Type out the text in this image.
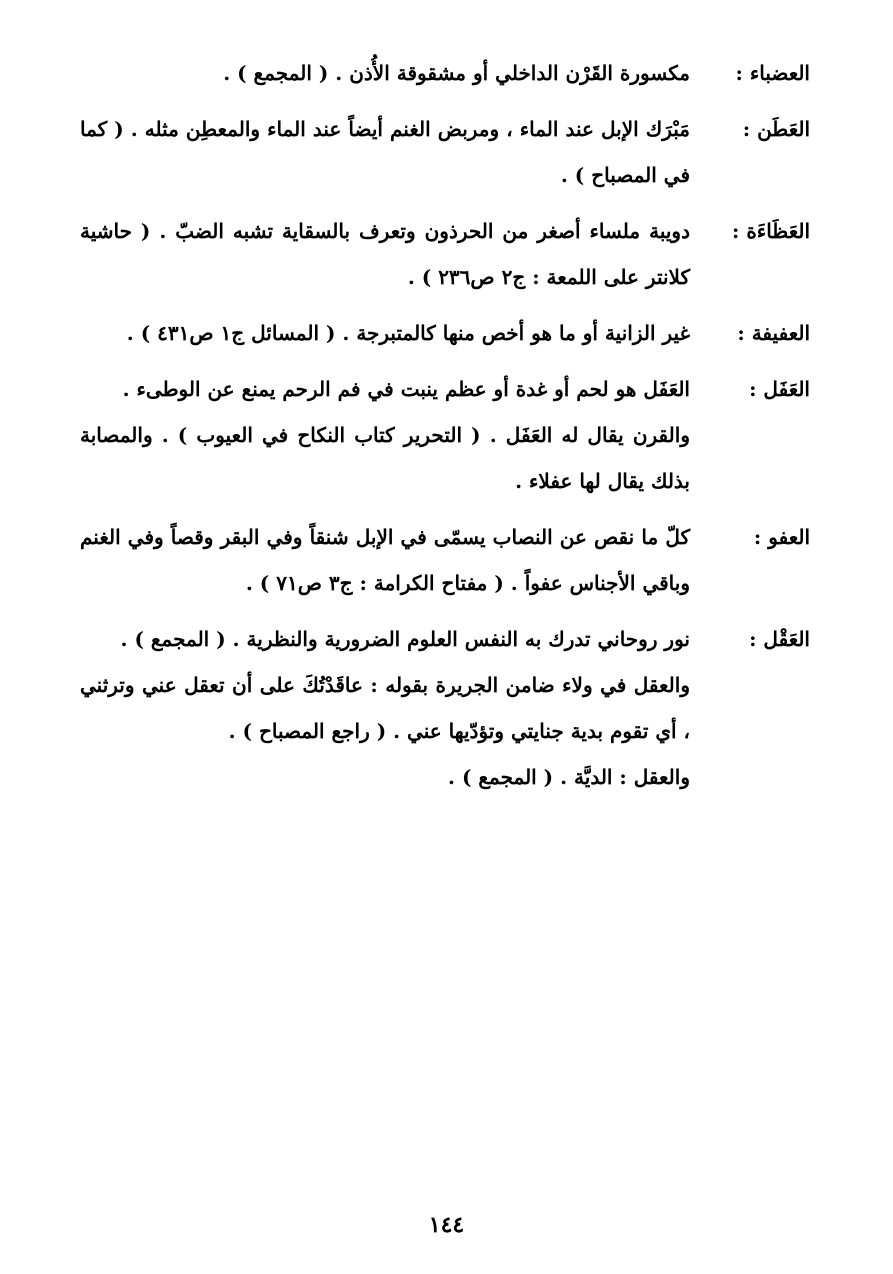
العضباء :

مكسورة القَرْن الداخلي أو مشقوقة الأُذن . ( المجمع ) .

العَطَن :

مَبْرَك الإبل عند الماء ، ومربض الغنم أيضاً عند الماء والمعطِن مثله . ( كما في المصباح ) .

العَظَاءَة :

دويبة ملساء أصغر من الحرذون وتعرف بالسقاية تشبه الضبّ . ( حاشية كلانتر على اللمعة : ج٢ ص٢٣٦ ) .

العفيفة :

غير الزانية أو ما هو أخص منها كالمتبرجة . ( المسائل ج١ ص٤٣١ ) .

العَفَل :

العَفَل هو لحم أو غدة أو عظم ينبت في فم الرحم يمنع عن الوطىء .

والقرن يقال له العَفَل . ( التحرير كتاب النكاح في العيوب ) . والمصابة بذلك يقال لها عفلاء .

العفو :

كلّ ما نقص عن النصاب يسمّى في الإبل شنقاً وفي البقر وقصاً وفي الغنم وباقي الأجناس عفواً . ( مفتاح الكرامة : ج٣ ص٧١ ) .

العَقْل :

نور روحاني تدرك به النفس العلوم الضرورية والنظرية . ( المجمع ) .

والعقل في ولاء ضامن الجريرة بقوله : عاقَدْتُكَ على أن تعقل عني وترثني ، أي تقوم بدية جنايتي وتؤدّيها عني . ( راجع المصباح ) .

والعقل : الديَّة . ( المجمع ) .

١٤٤
